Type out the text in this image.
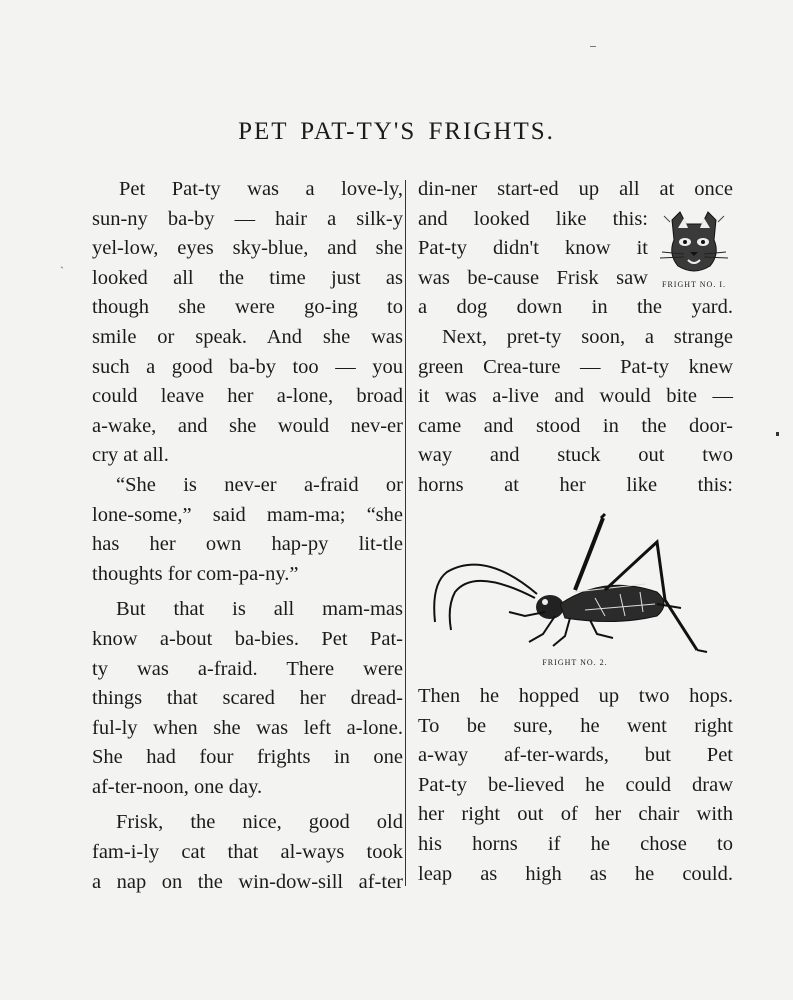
ˎ
PET PAT-TY'S FRIGHTS.
Pet Pat-ty was a love-ly,
sun-ny ba-by — hair a silk-y
yel-low, eyes sky-blue, and she
looked all the time just as
though she were go-ing to
smile or speak. And she was
such a good ba-by too — you
could leave her a-lone, broad
a-wake, and she would nev-er
cry at all.
“She is nev-er a-fraid or
lone-some,” said mam-ma; “she
has her own hap-py lit-tle
thoughts for com-pa-ny.”
But that is all mam-mas
know a-bout ba-bies. Pet Pat-
ty was a-fraid. There were
things that scared her dread-
ful-ly when she was left a-lone.
She had four frights in one
af-ter-noon, one day.
Frisk, the nice, good old
fam-i-ly cat that al-ways took
a nap on the win-dow-sill af-ter
din-ner start-ed up all at once
and looked like this:
Pat-ty didn't know it
was be-cause Frisk saw
a dog down in the yard.
Next, pret-ty soon, a strange
green Crea-ture — Pat-ty knew
it was a-live and would bite —
came and stood in the door-
way and stuck out two
horns at her like this:
FRIGHT NO. I.
FRIGHT NO. 2.
Then he hopped up two hops.
To be sure, he went right
a-way af-ter-wards, but Pet
Pat-ty be-lieved he could draw
her right out of her chair with
his horns if he chose to
leap as high as he could.
